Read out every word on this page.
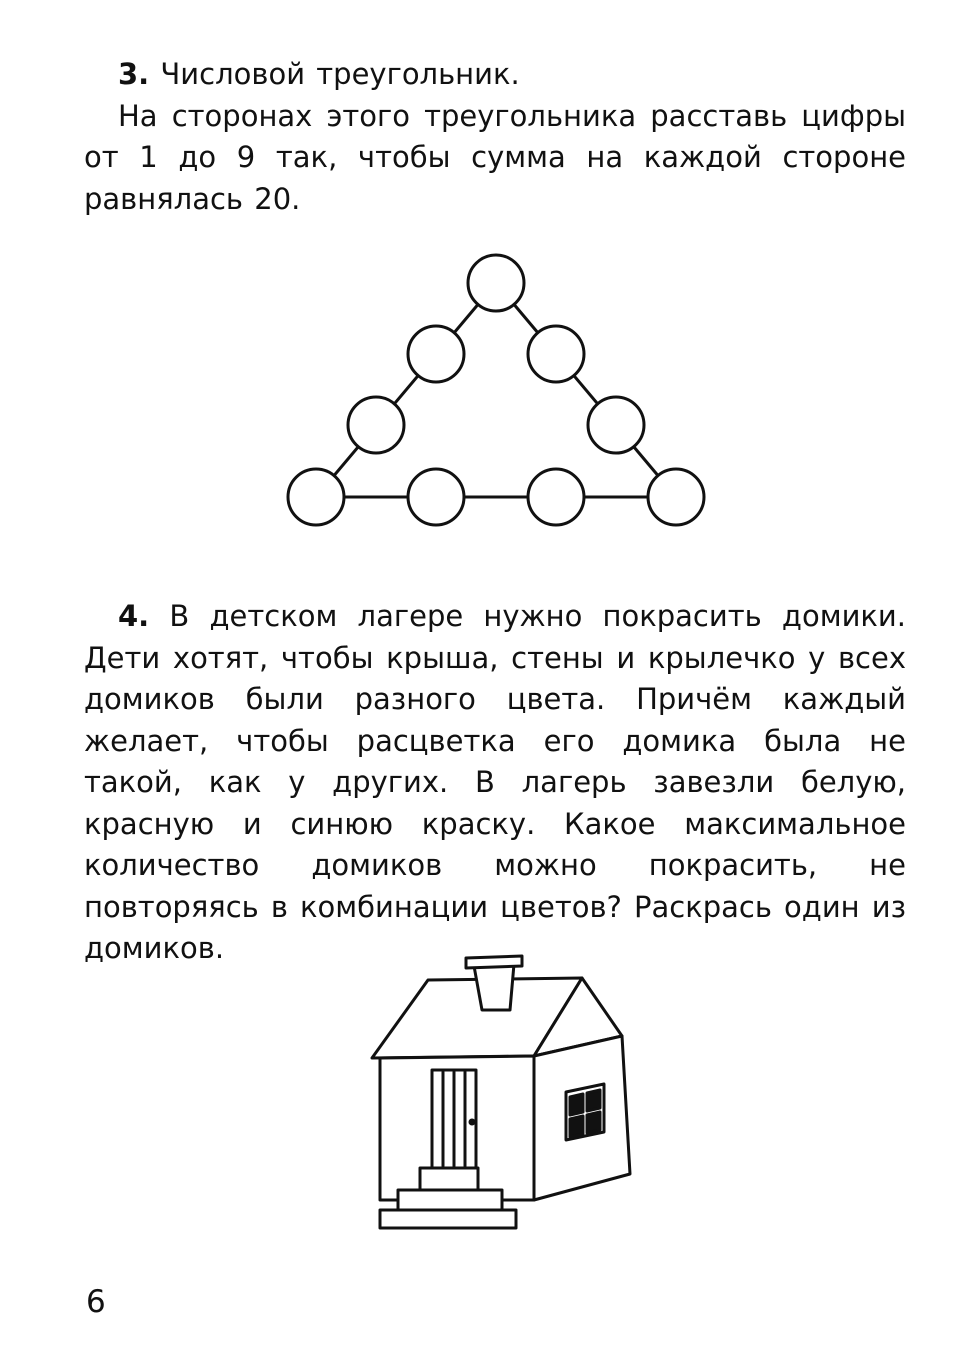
3. Числовой треугольник.

На сторонах этого треугольника расставь цифры от 1 до 9 так, чтобы сумма на каждой стороне равнялась 20.

4. В детском лагере нужно покрасить домики. Дети хотят, чтобы крыша, стены и крылечко у всех домиков были разного цвета. Причём каждый желает, чтобы расцветка его домика была не такой, как у других. В лагерь завезли белую, красную и синюю краску. Какое максимальное количество домиков можно покрасить, не повторяясь в комбинации цветов? Раскрась один из домиков.

6
